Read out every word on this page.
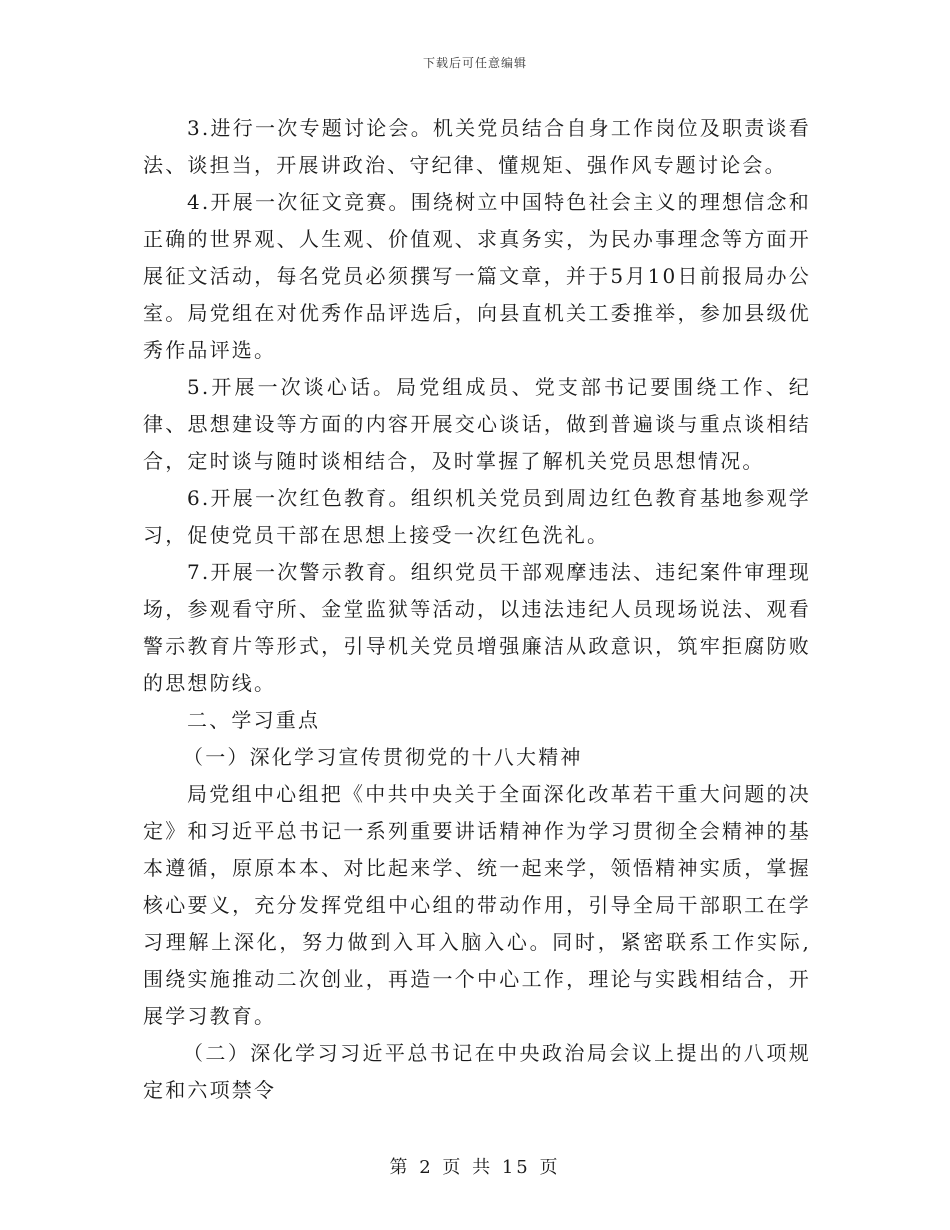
下载后可任意编辑

3.进行一次专题讨论会。机关党员结合自身工作岗位及职责谈看法、谈担当，开展讲政治、守纪律、懂规矩、强作风专题讨论会。

4.开展一次征文竞赛。围绕树立中国特色社会主义的理想信念和正确的世界观、人生观、价值观、求真务实，为民办事理念等方面开展征文活动，每名党员必须撰写一篇文章，并于5月10日前报局办公室。局党组在对优秀作品评选后，向县直机关工委推举，参加县级优秀作品评选。

5.开展一次谈心话。局党组成员、党支部书记要围绕工作、纪律、思想建设等方面的内容开展交心谈话，做到普遍谈与重点谈相结合，定时谈与随时谈相结合，及时掌握了解机关党员思想情况。

6.开展一次红色教育。组织机关党员到周边红色教育基地参观学习，促使党员干部在思想上接受一次红色洗礼。

7.开展一次警示教育。组织党员干部观摩违法、违纪案件审理现场，参观看守所、金堂监狱等活动，以违法违纪人员现场说法、观看警示教育片等形式，引导机关党员增强廉洁从政意识，筑牢拒腐防败的思想防线。

二、学习重点

（一）深化学习宣传贯彻党的十八大精神

局党组中心组把《中共中央关于全面深化改革若干重大问题的决定》和习近平总书记一系列重要讲话精神作为学习贯彻全会精神的基本遵循，原原本本、对比起来学、统一起来学，领悟精神实质，掌握核心要义，充分发挥党组中心组的带动作用，引导全局干部职工在学习理解上深化，努力做到入耳入脑入心。同时，紧密联系工作实际,围绕实施推动二次创业，再造一个中心工作，理论与实践相结合，开展学习教育。

（二）深化学习习近平总书记在中央政治局会议上提出的八项规定和六项禁令

第 2 页 共 15 页
